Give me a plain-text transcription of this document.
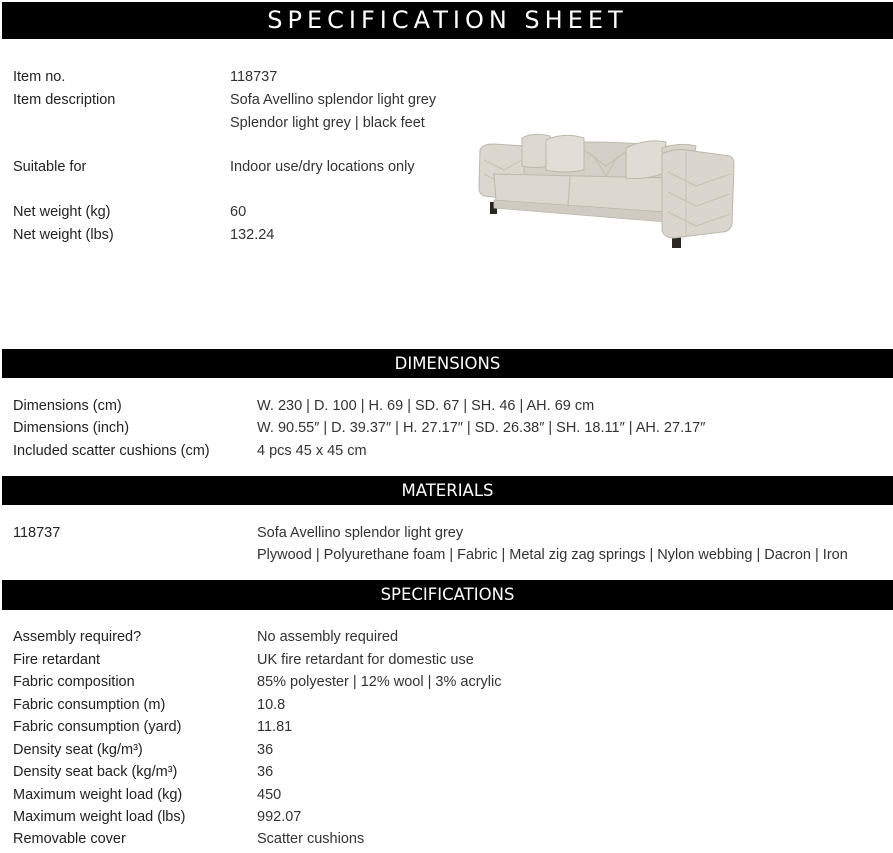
SPECIFICATION SHEET
Item no.	118737
Item description	Sofa Avellino splendor light grey
Splendor light grey | black feet
Suitable for	Indoor use/dry locations only
Net weight (kg)	60
Net weight (lbs)	132.24
DIMENSIONS
Dimensions (cm)	W. 230 | D. 100 | H. 69 | SD. 67 | SH. 46 | AH. 69 cm
Dimensions (inch)	W. 90.55″ | D. 39.37″ | H. 27.17″ | SD. 26.38″ | SH. 18.11″ | AH. 27.17″
Included scatter cushions (cm)	4 pcs 45 x 45 cm
MATERIALS
118737	Sofa Avellino splendor light grey
Plywood | Polyurethane foam | Fabric | Metal zig zag springs | Nylon webbing | Dacron | Iron
SPECIFICATIONS
Assembly required?	No assembly required
Fire retardant	UK fire retardant for domestic use
Fabric composition	85% polyester | 12% wool | 3% acrylic
Fabric consumption (m)	10.8
Fabric consumption (yard)	11.81
Density seat (kg/m³)	36
Density seat back (kg/m³)	36
Maximum weight load (kg)	450
Maximum weight load (lbs)	992.07
Removable cover	Scatter cushions
